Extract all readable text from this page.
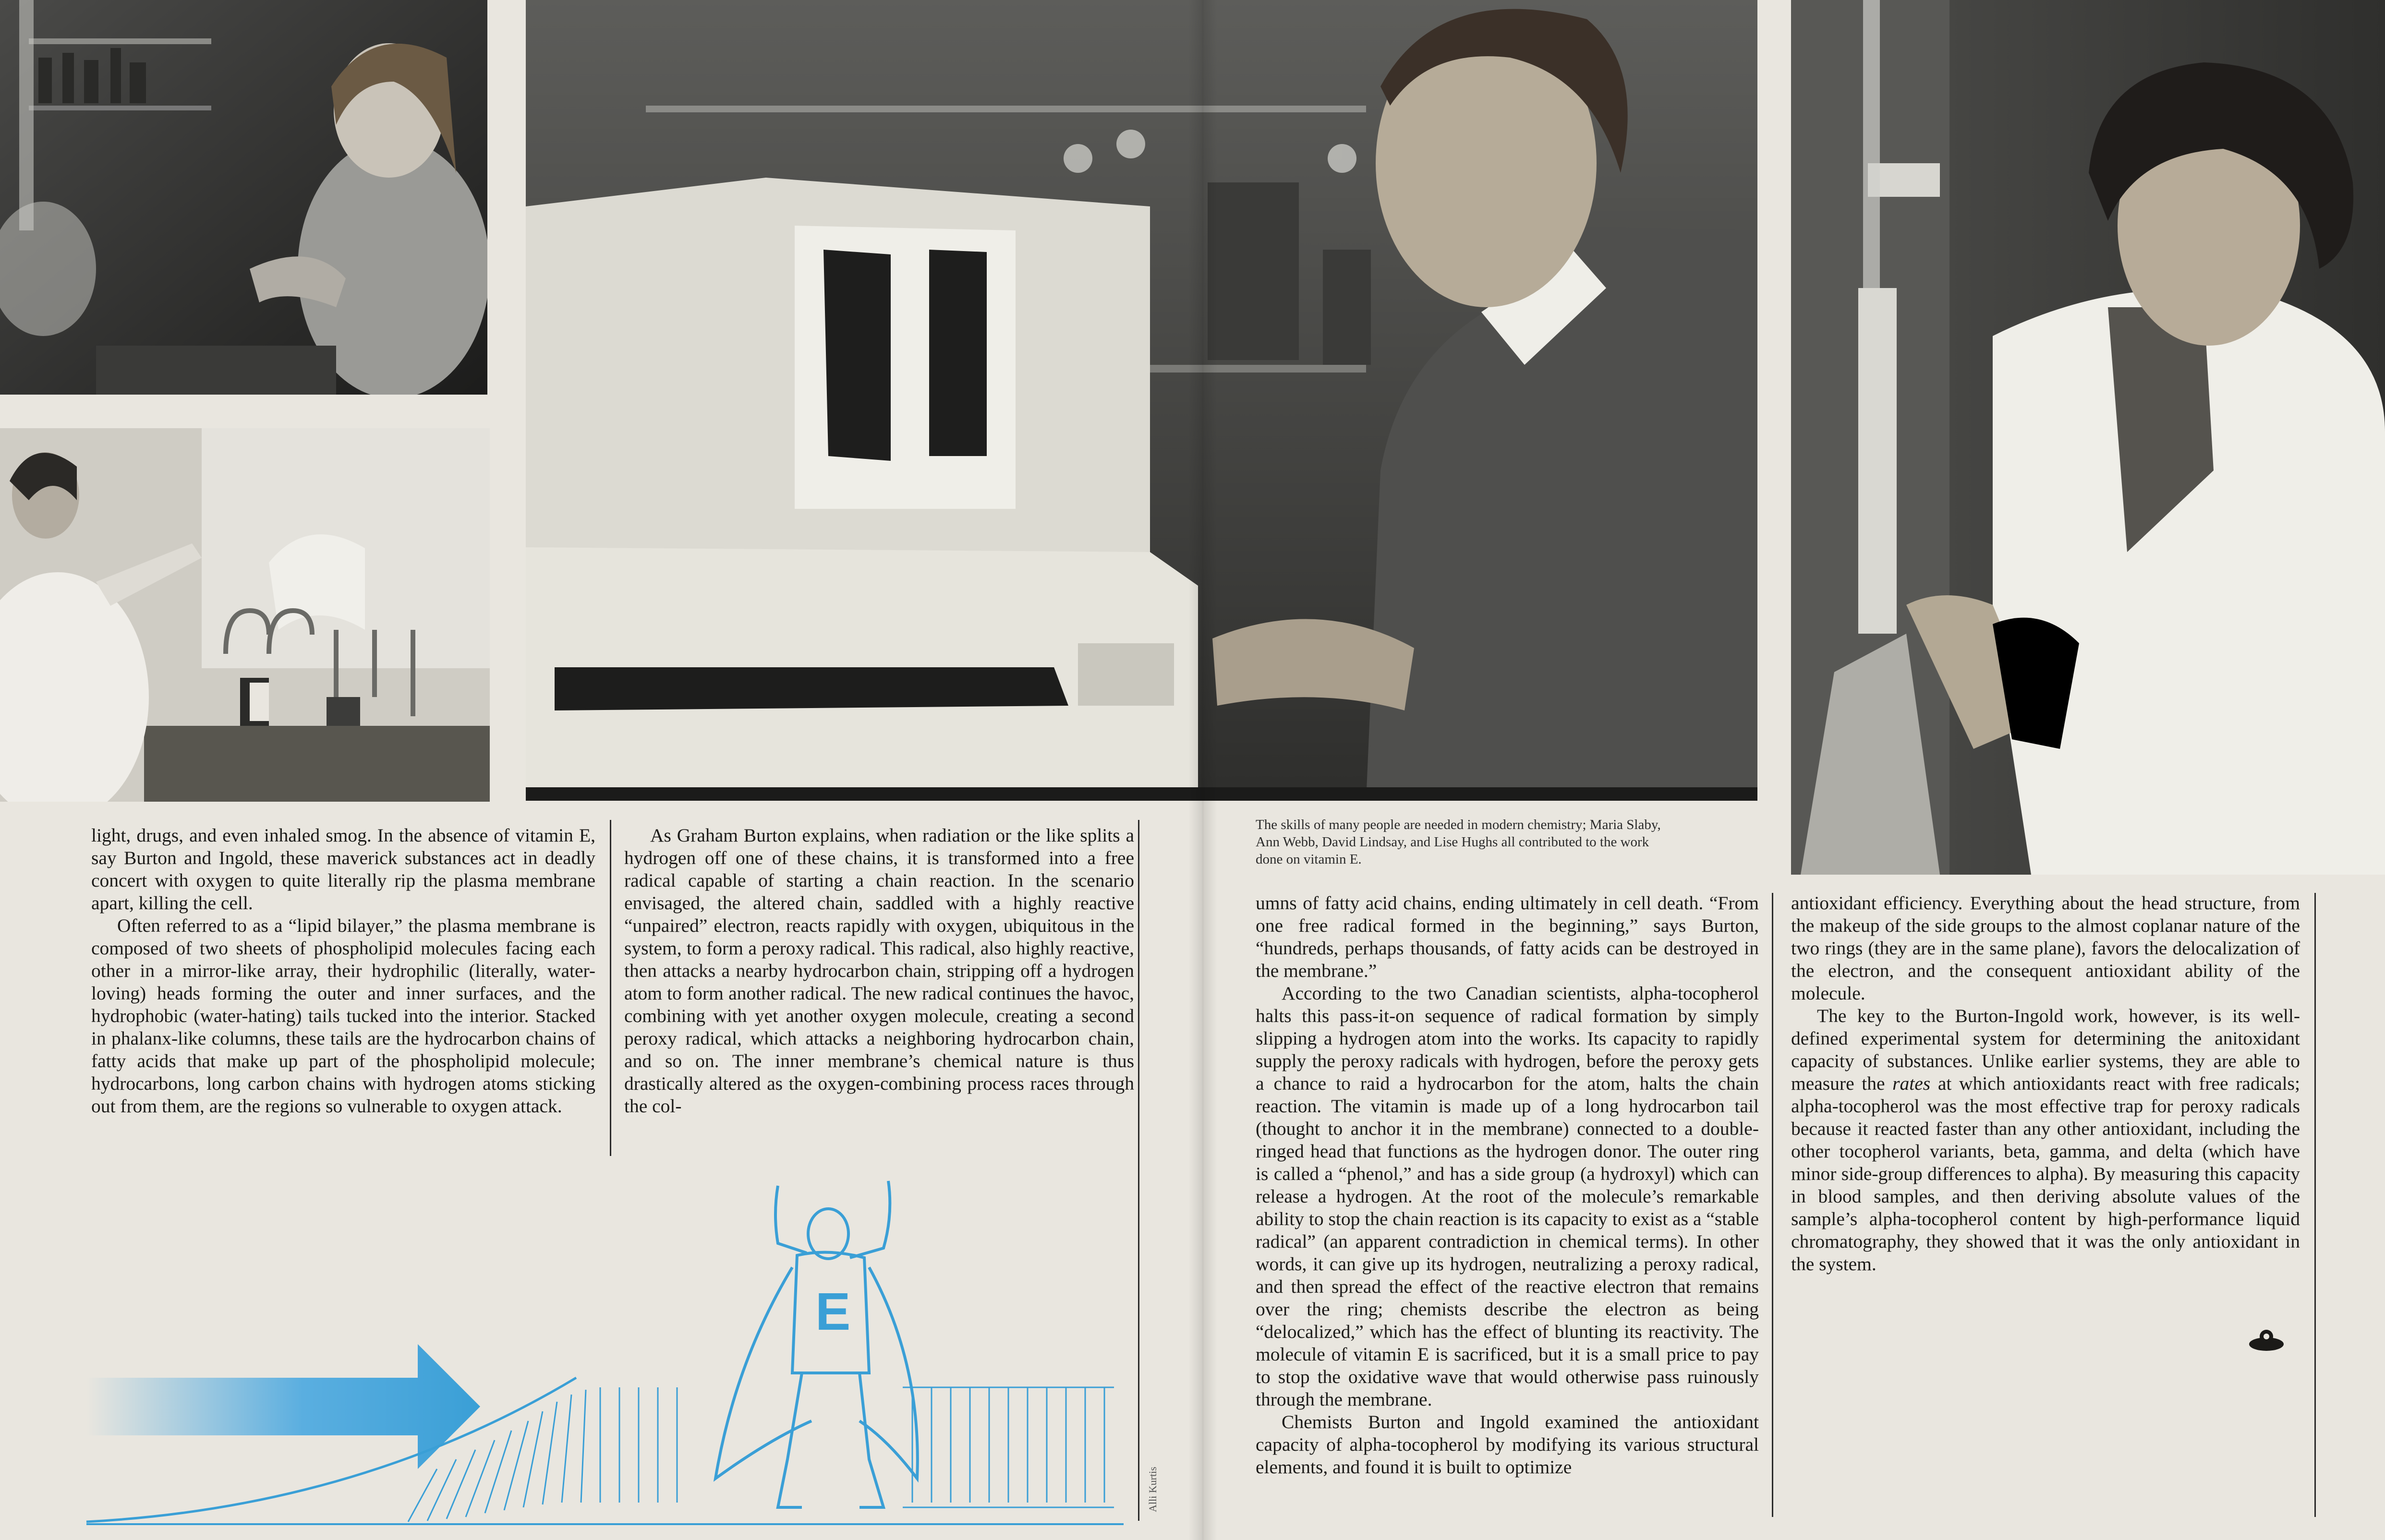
The skills of many people are needed in modern chemistry; Maria Slaby,
Ann Webb, David Lindsay, and Lise Hughs all contributed to the work
done on vitamin E.

light, drugs, and even inhaled smog. In the absence of vitamin E, say Burton and Ingold, these maverick substances act in deadly concert with oxygen to quite literally rip the plasma membrane apart, killing the cell.

Often referred to as a “lipid bilayer,” the plasma membrane is composed of two sheets of phospholipid molecules facing each other in a mirror-like array, their hydrophilic (literally, water-loving) heads forming the outer and inner surfaces, and the hydrophobic (water-hating) tails tucked into the interior. Stacked in phalanx-like columns, these tails are the hydrocarbon chains of fatty acids that make up part of the phospholipid molecule; hydrocarbons, long carbon chains with hydrogen atoms sticking out from them, are the regions so vulnerable to oxygen attack.

As Graham Burton explains, when radiation or the like splits a hydrogen off one of these chains, it is transformed into a free radical capable of starting a chain reaction. In the scenario envisaged, the altered chain, saddled with a highly reactive “unpaired” electron, reacts rapidly with oxygen, ubiquitous in the system, to form a peroxy radical. This radical, also highly reactive, then attacks a nearby hydrocarbon chain, stripping off a hydrogen atom to form another radical. The new radical continues the havoc, combining with yet another oxygen molecule, creating a second peroxy radical, which attacks a neighboring hydrocarbon chain, and so on. The inner membrane’s chemical nature is thus drastically altered as the oxygen-combining process races through the col-

umns of fatty acid chains, ending ultimately in cell death. “From one free radical formed in the beginning,” says Burton, “hundreds, perhaps thousands, of fatty acids can be destroyed in the membrane.”

According to the two Canadian scientists, alpha-tocopherol halts this pass-it-on sequence of radical formation by simply slipping a hydrogen atom into the works. Its capacity to rapidly supply the peroxy radicals with hydrogen, before the peroxy gets a chance to raid a hydrocarbon for the atom, halts the chain reaction. The vitamin is made up of a long hydrocarbon tail (thought to anchor it in the membrane) connected to a double-ringed head that functions as the hydrogen donor. The outer ring is called a “phenol,” and has a side group (a hydroxyl) which can release a hydrogen. At the root of the molecule’s remarkable ability to stop the chain reaction is its capacity to exist as a “stable radical” (an apparent contradiction in chemical terms). In other words, it can give up its hydrogen, neutralizing a peroxy radical, and then spread the effect of the reactive electron that remains over the ring; chemists describe the electron as being “delocalized,” which has the effect of blunting its reactivity. The molecule of vitamin E is sacrificed, but it is a small price to pay to stop the oxidative wave that would otherwise pass ruinously through the membrane.

Chemists Burton and Ingold examined the antioxidant capacity of alpha-tocopherol by modifying its various structural elements, and found it is built to optimize

antioxidant efficiency. Everything about the head structure, from the makeup of the side groups to the almost coplanar nature of the two rings (they are in the same plane), favors the delocalization of the electron, and the consequent antioxidant ability of the molecule.

The key to the Burton-Ingold work, however, is its well-defined experimental system for determining the anitoxidant capacity of substances. Unlike earlier systems, they are able to measure the rates at which antioxidants react with free radicals; alpha-tocopherol was the most effective trap for peroxy radicals because it reacted faster than any other antioxidant, including the other tocopherol variants, beta, gamma, and delta (which have minor side-group differences to alpha). By measuring this capacity in blood samples, and then deriving absolute values of the sample’s alpha-tocopherol content by high-performance liquid chromatography, they showed that it was the only antioxidant in the system.

E
Alli Kurtis
